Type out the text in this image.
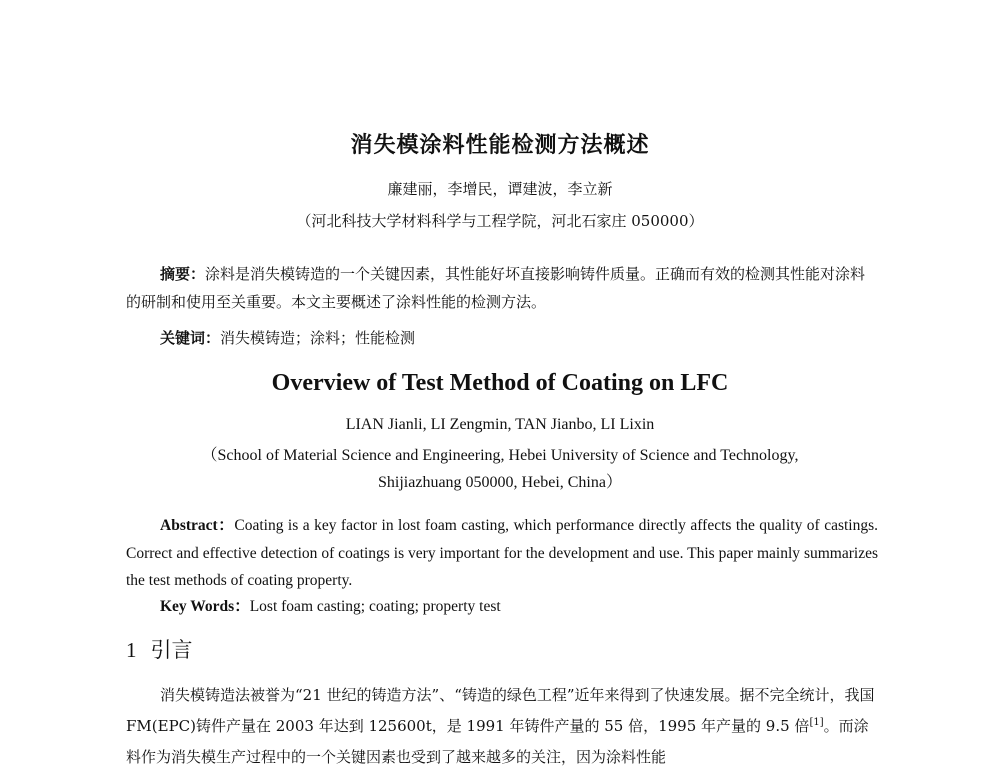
消失模涂料性能检测方法概述
廉建丽，李增民，谭建波，李立新
（河北科技大学材料科学与工程学院，河北石家庄 050000）
摘要：涂料是消失模铸造的一个关键因素，其性能好坏直接影响铸件质量。正确而有效的检测其性能对涂料的研制和使用至关重要。本文主要概述了涂料性能的检测方法。
关键词：消失模铸造；涂料；性能检测
Overview of Test Method of Coating on LFC
LIAN Jianli, LI Zengmin, TAN Jianbo, LI Lixin
（School of Material Science and Engineering, Hebei University of Science and Technology,
Shijiazhuang 050000, Hebei, China）
Abstract：Coating is a key factor in lost foam casting, which performance directly affects the quality of castings. Correct and effective detection of coatings is very important for the development and use. This paper mainly summarizes the test methods of coating property.
Key Words：Lost foam casting; coating; property test
1 引言
消失模铸造法被誉为“21 世纪的铸造方法”、“铸造的绿色工程”近年来得到了快速发展。据不完全统计，我国 FM(EPC)铸件产量在 2003 年达到 125600t，是 1991 年铸件产量的 55 倍，1995 年产量的 9.5 倍[1]。而涂料作为消失模生产过程中的一个关键因素也受到了越来越多的关注，因为涂料性能
